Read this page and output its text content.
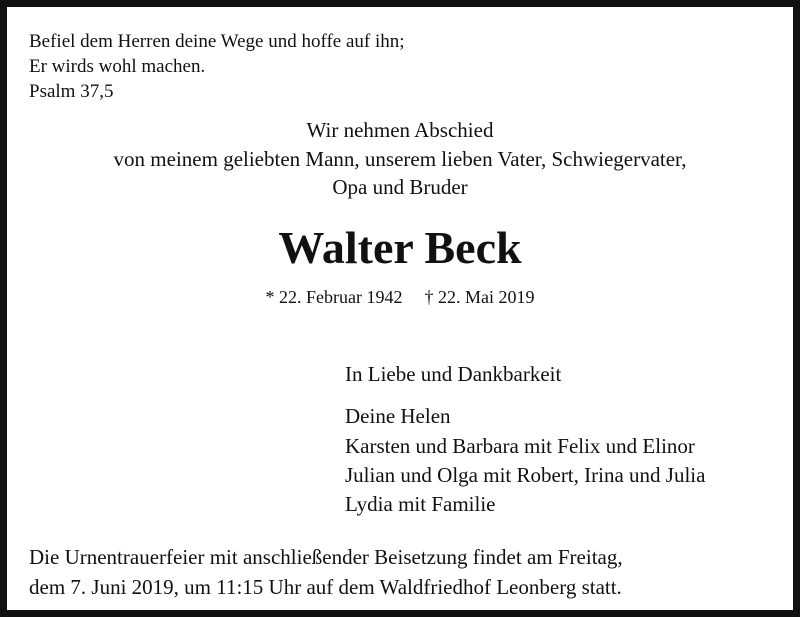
Befiel dem Herren deine Wege und hoffe auf ihn;
Er wirds wohl machen.
Psalm 37,5
Wir nehmen Abschied
von meinem geliebten Mann, unserem lieben Vater, Schwiegervater,
Opa und Bruder
Walter Beck
* 22. Februar 1942 † 22. Mai 2019
In Liebe und Dankbarkeit
Deine Helen
Karsten und Barbara mit Felix und Elinor
Julian und Olga mit Robert, Irina und Julia
Lydia mit Familie
Die Urnentrauerfeier mit anschließender Beisetzung findet am Freitag,
dem 7. Juni 2019, um 11:15 Uhr auf dem Waldfriedhof Leonberg statt.
